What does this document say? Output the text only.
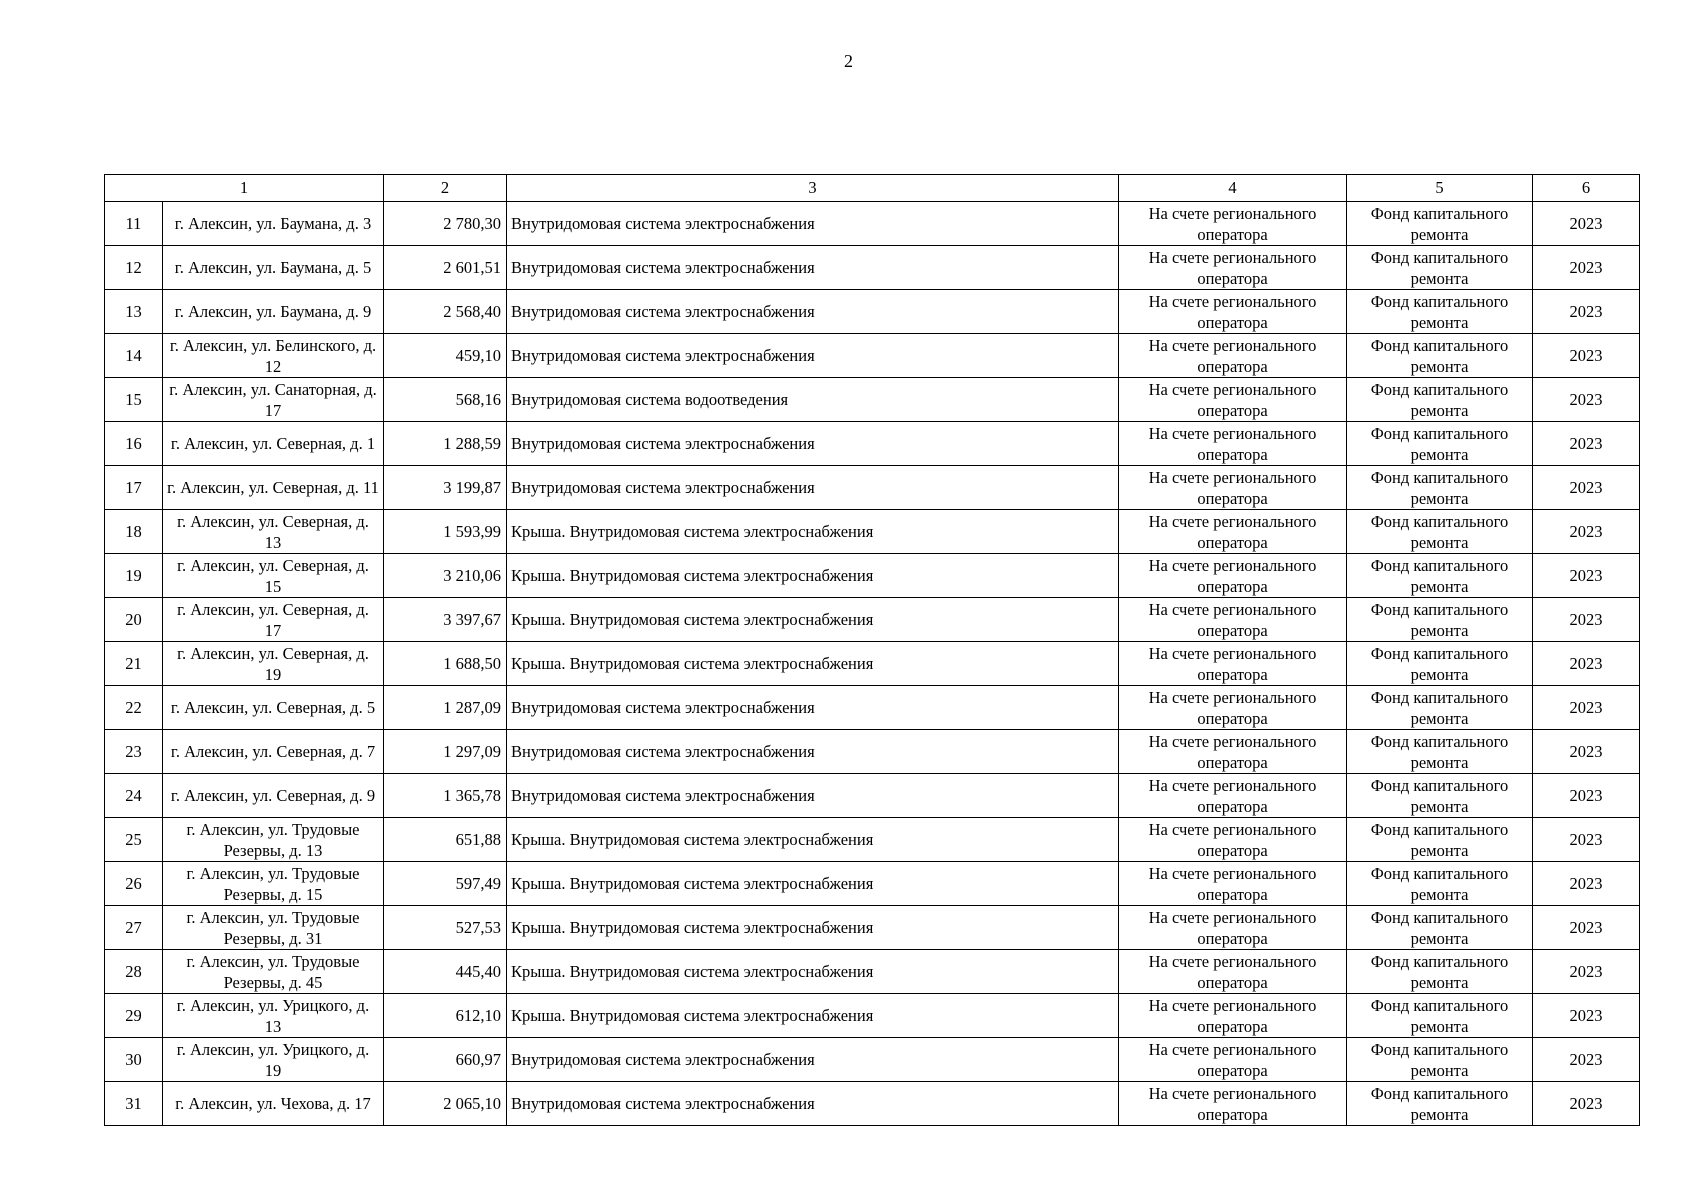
2
1		2	3	4	5	6
11	г. Алексин, ул. Баумана, д. 3	2 780,30	Внутридомовая система электроснабжения	На счете регионального оператора	Фонд капитального ремонта	2023
12	г. Алексин, ул. Баумана, д. 5	2 601,51	Внутридомовая система электроснабжения	На счете регионального оператора	Фонд капитального ремонта	2023
13	г. Алексин, ул. Баумана, д. 9	2 568,40	Внутридомовая система электроснабжения	На счете регионального оператора	Фонд капитального ремонта	2023
14	г. Алексин, ул. Белинского, д. 12	459,10	Внутридомовая система электроснабжения	На счете регионального оператора	Фонд капитального ремонта	2023
15	г. Алексин, ул. Санаторная, д. 17	568,16	Внутридомовая система водоотведения	На счете регионального оператора	Фонд капитального ремонта	2023
16	г. Алексин, ул. Северная, д. 1	1 288,59	Внутридомовая система электроснабжения	На счете регионального оператора	Фонд капитального ремонта	2023
17	г. Алексин, ул. Северная, д. 11	3 199,87	Внутридомовая система электроснабжения	На счете регионального оператора	Фонд капитального ремонта	2023
18	г. Алексин, ул. Северная, д. 13	1 593,99	Крыша. Внутридомовая система электроснабжения	На счете регионального оператора	Фонд капитального ремонта	2023
19	г. Алексин, ул. Северная, д. 15	3 210,06	Крыша. Внутридомовая система электроснабжения	На счете регионального оператора	Фонд капитального ремонта	2023
20	г. Алексин, ул. Северная, д. 17	3 397,67	Крыша. Внутридомовая система электроснабжения	На счете регионального оператора	Фонд капитального ремонта	2023
21	г. Алексин, ул. Северная, д. 19	1 688,50	Крыша. Внутридомовая система электроснабжения	На счете регионального оператора	Фонд капитального ремонта	2023
22	г. Алексин, ул. Северная, д. 5	1 287,09	Внутридомовая система электроснабжения	На счете регионального оператора	Фонд капитального ремонта	2023
23	г. Алексин, ул. Северная, д. 7	1 297,09	Внутридомовая система электроснабжения	На счете регионального оператора	Фонд капитального ремонта	2023
24	г. Алексин, ул. Северная, д. 9	1 365,78	Внутридомовая система электроснабжения	На счете регионального оператора	Фонд капитального ремонта	2023
25	г. Алексин, ул. Трудовые Резервы, д. 13	651,88	Крыша. Внутридомовая система электроснабжения	На счете регионального оператора	Фонд капитального ремонта	2023
26	г. Алексин, ул. Трудовые Резервы, д. 15	597,49	Крыша. Внутридомовая система электроснабжения	На счете регионального оператора	Фонд капитального ремонта	2023
27	г. Алексин, ул. Трудовые Резервы, д. 31	527,53	Крыша. Внутридомовая система электроснабжения	На счете регионального оператора	Фонд капитального ремонта	2023
28	г. Алексин, ул. Трудовые Резервы, д. 45	445,40	Крыша. Внутридомовая система электроснабжения	На счете регионального оператора	Фонд капитального ремонта	2023
29	г. Алексин, ул. Урицкого, д. 13	612,10	Крыша. Внутридомовая система электроснабжения	На счете регионального оператора	Фонд капитального ремонта	2023
30	г. Алексин, ул. Урицкого, д. 19	660,97	Внутридомовая система электроснабжения	На счете регионального оператора	Фонд капитального ремонта	2023
31	г. Алексин, ул. Чехова, д. 17	2 065,10	Внутридомовая система электроснабжения	На счете регионального оператора	Фонд капитального ремонта	2023
